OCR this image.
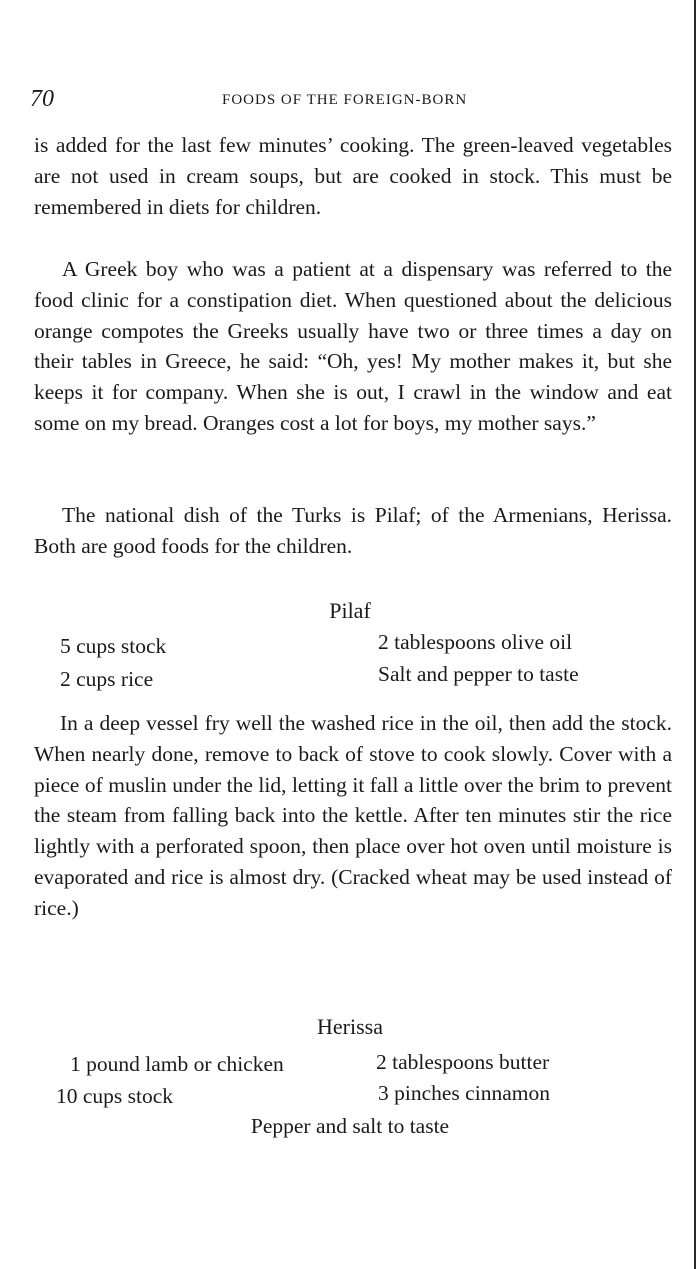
70	FOODS OF THE FOREIGN-BORN

is added for the last few minutes’ cooking. The green-leaved vegetables are not used in cream soups, but are cooked in stock. This must be remembered in diets for children.

A Greek boy who was a patient at a dispensary was referred to the food clinic for a constipation diet. When questioned about the delicious orange compotes the Greeks usually have two or three times a day on their tables in Greece, he said: “Oh, yes! My mother makes it, but she keeps it for company. When she is out, I crawl in the window and eat some on my bread. Oranges cost a lot for boys, my mother says.”

The national dish of the Turks is Pilaf; of the Armenians, Herissa. Both are good foods for the children.

Pilaf
5 cups stock
2 cups rice
2 tablespoons olive oil
Salt and pepper to taste

In a deep vessel fry well the washed rice in the oil, then add the stock. When nearly done, remove to back of stove to cook slowly. Cover with a piece of muslin under the lid, letting it fall a little over the brim to prevent the steam from falling back into the kettle. After ten minutes stir the rice lightly with a perforated spoon, then place over hot oven until moisture is evaporated and rice is almost dry. (Cracked wheat may be used instead of rice.)

Herissa
1 pound lamb or chicken
10 cups stock
2 tablespoons butter
3 pinches cinnamon
Pepper and salt to taste
